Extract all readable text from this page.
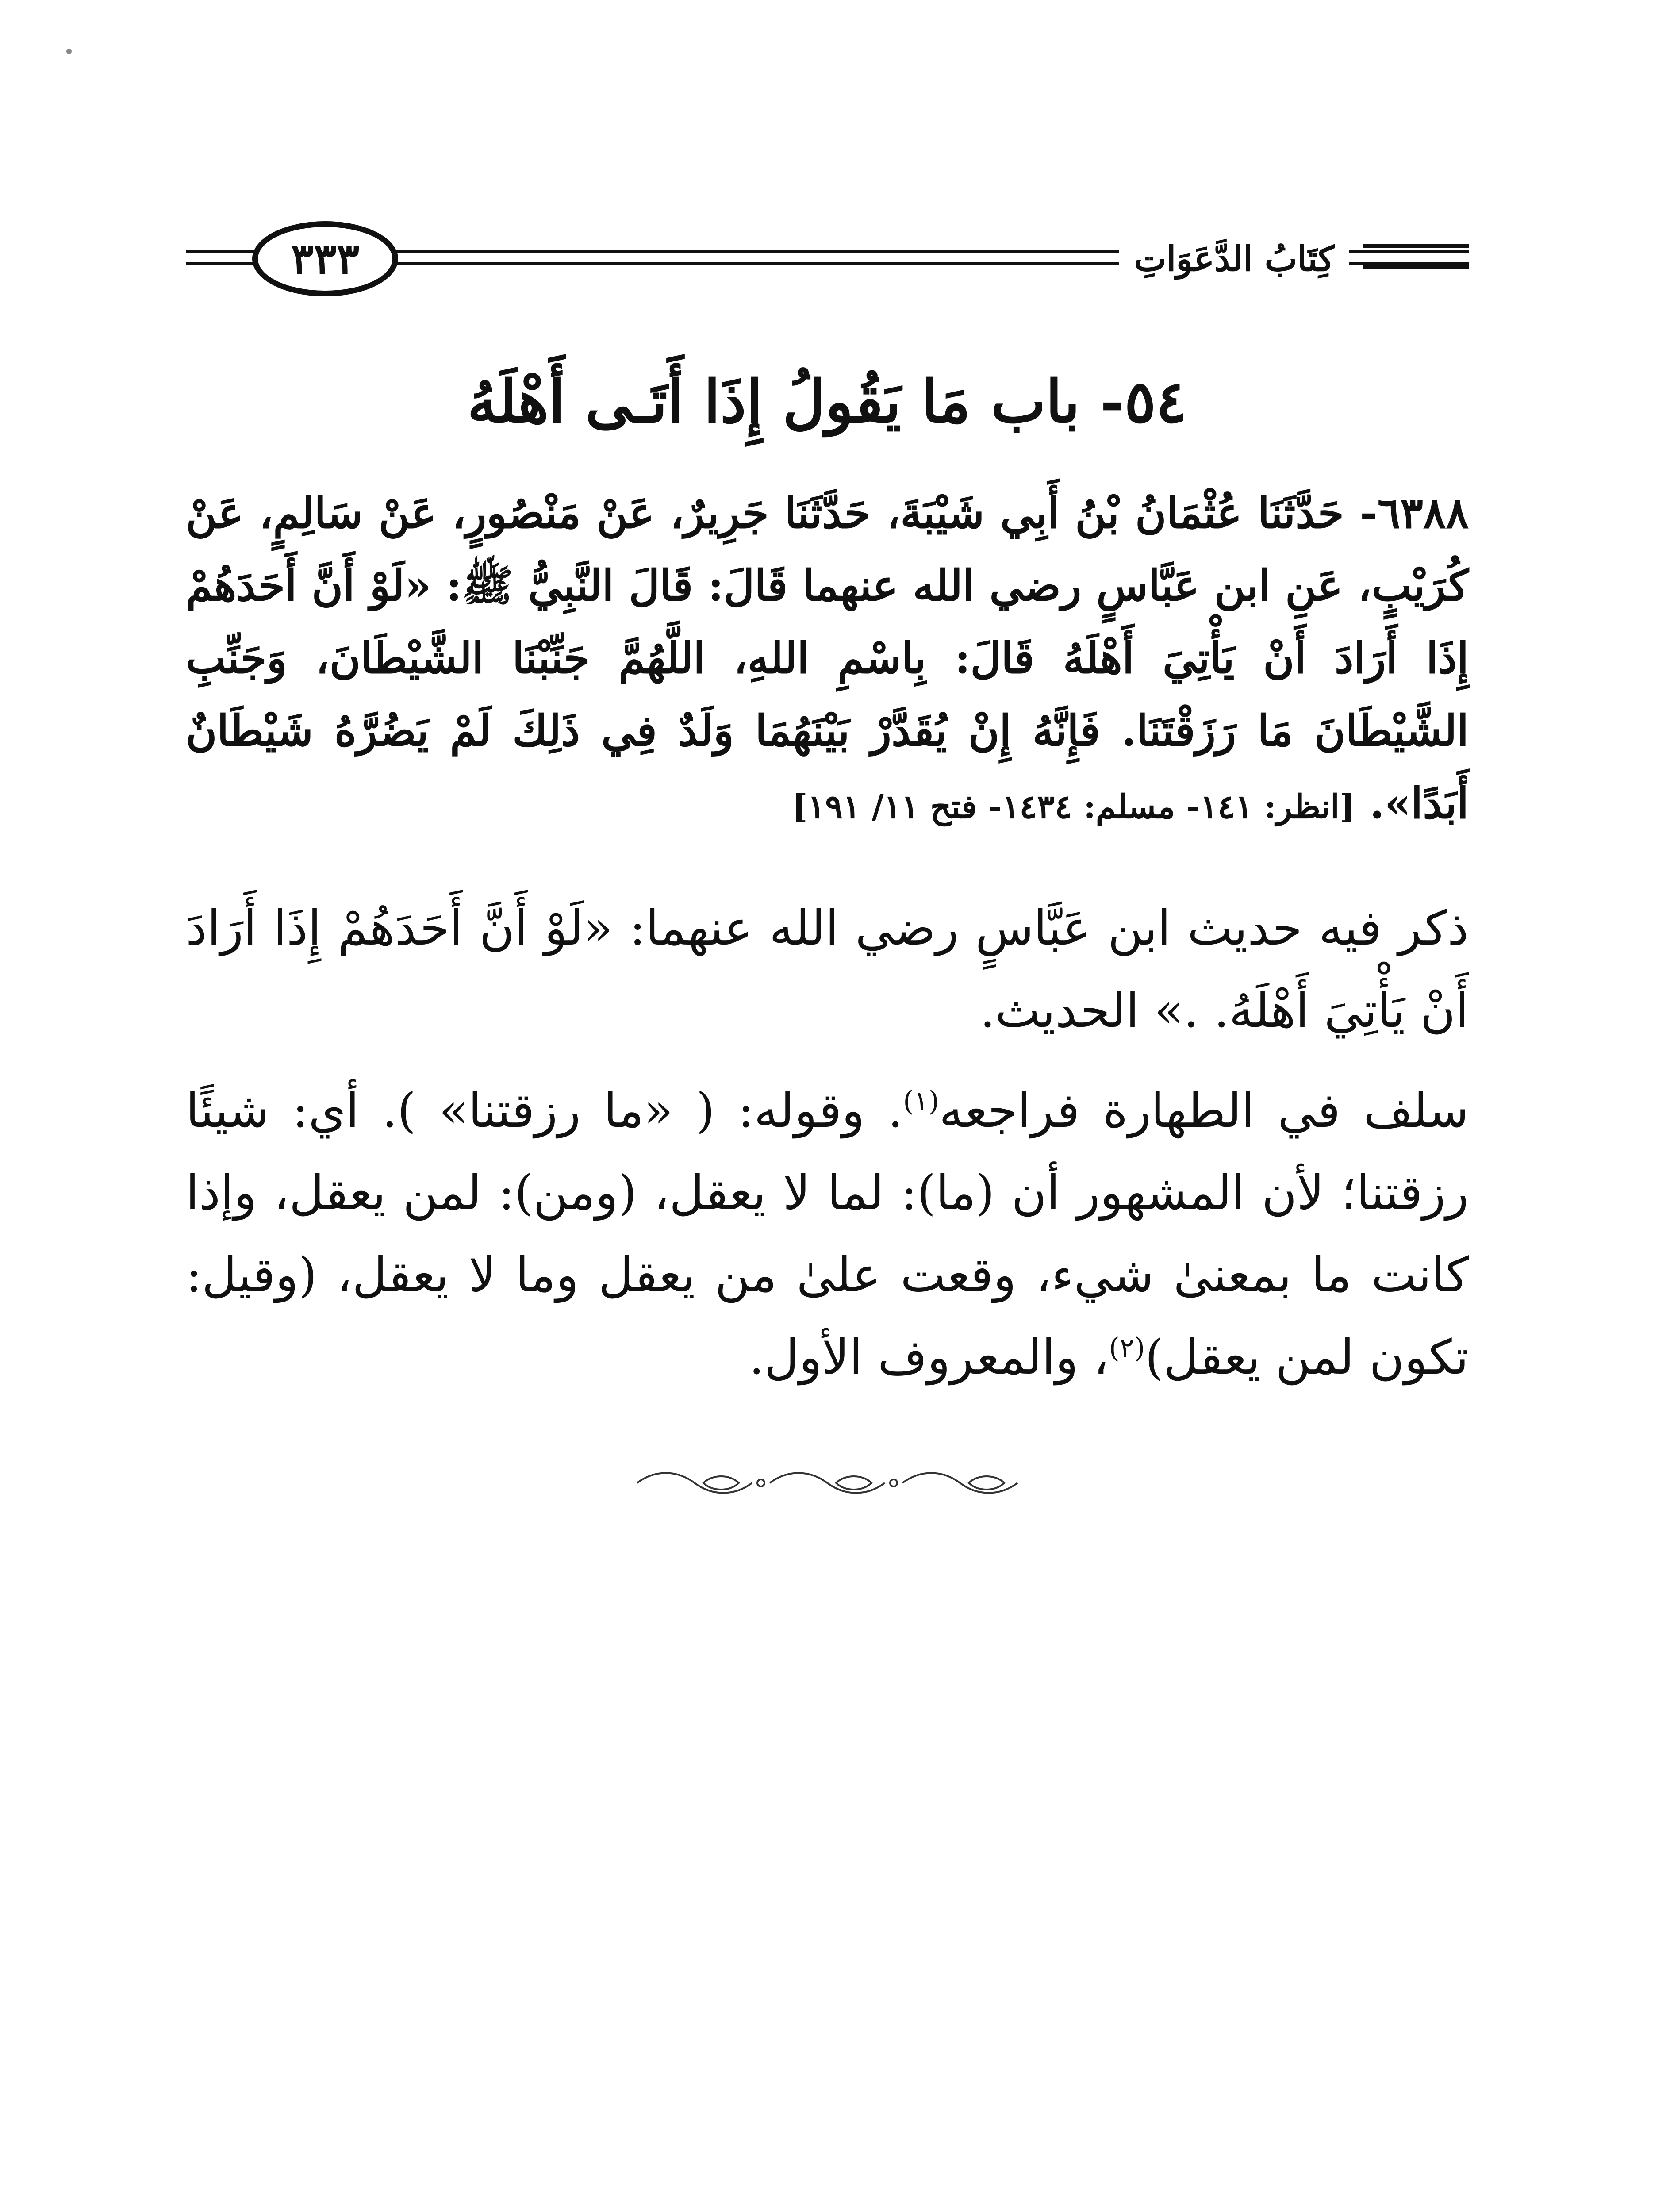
٣٣٣	كِتَابُ الدَّعَوَاتِ
٥٤- باب مَا يَقُولُ إِذَا أَتَـى أَهْلَهُ

٦٣٨٨- حَدَّثَنَا عُثْمَانُ بْنُ أَبِي شَيْبَةَ، حَدَّثَنَا جَرِيرٌ، عَنْ مَنْصُورٍ، عَنْ سَالِمٍ، عَنْ كُرَيْبٍ، عَنِ ابن عَبَّاسٍ رضي الله عنهما قَالَ: قَالَ النَّبِيُّ ﷺ: «لَوْ أَنَّ أَحَدَهُمْ إِذَا أَرَادَ أَنْ يَأْتِيَ أَهْلَهُ قَالَ: بِاسْمِ اللهِ، اللَّهُمَّ جَنِّبْنَا الشَّيْطَانَ، وَجَنِّبِ الشَّيْطَانَ مَا رَزَقْتَنَا. فَإِنَّهُ إِنْ يُقَدَّرْ بَيْنَهُمَا وَلَدٌ فِي ذَلِكَ لَمْ يَضُرَّهُ شَيْطَانٌ أَبَدًا». [انظر: ١٤١- مسلم: ١٤٣٤- فتح ١١/ ١٩١]

ذكر فيه حديث ابن عَبَّاسٍ رضي الله عنهما: «لَوْ أَنَّ أَحَدَهُمْ إِذَا أَرَادَ أَنْ يَأْتِيَ أَهْلَهُ. .» الحديث.

سلف في الطهارة فراجعه$^{(١)}$. وقوله: ( «ما رزقتنا» ). أي: شيئًا رزقتنا؛ لأن المشهور أن (ما): لما لا يعقل، (ومن): لمن يعقل، وإذا كانت ما بمعنىٰ شيء، وقعت علىٰ من يعقل وما لا يعقل، (وقيل: تكون لمن يعقل)$^{(٢)}$، والمعروف الأول.
